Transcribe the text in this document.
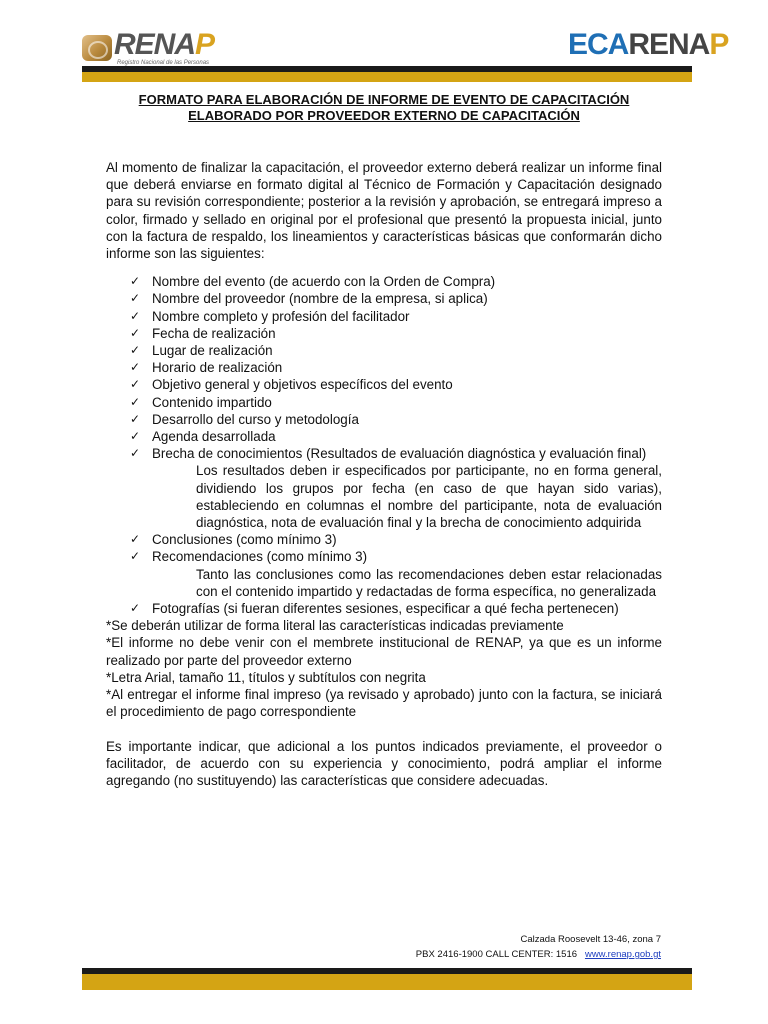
RENAP
Registro Nacional de las Personas
ECARENAP
FORMATO PARA ELABORACIÓN DE INFORME DE EVENTO DE CAPACITACIÓN
ELABORADO POR PROVEEDOR EXTERNO DE CAPACITACIÓN

Al momento de finalizar la capacitación, el proveedor externo deberá realizar un informe final que deberá enviarse en formato digital al Técnico de Formación y Capacitación designado para su revisión correspondiente; posterior a la revisión y aprobación, se entregará impreso a color, firmado y sellado en original por el profesional que presentó la propuesta inicial, junto con la factura de respaldo, los lineamientos y características básicas que conformarán dicho informe son las siguientes:

✓ Nombre del evento (de acuerdo con la Orden de Compra)
✓ Nombre del proveedor (nombre de la empresa, si aplica)
✓ Nombre completo y profesión del facilitador
✓ Fecha de realización
✓ Lugar de realización
✓ Horario de realización
✓ Objetivo general y objetivos específicos del evento
✓ Contenido impartido
✓ Desarrollo del curso y metodología
✓ Agenda desarrollada
✓ Brecha de conocimientos (Resultados de evaluación diagnóstica y evaluación final)
Los resultados deben ir especificados por participante, no en forma general, dividiendo los grupos por fecha (en caso de que hayan sido varias), estableciendo en columnas el nombre del participante, nota de evaluación diagnóstica, nota de evaluación final y la brecha de conocimiento adquirida
✓ Conclusiones (como mínimo 3)
✓ Recomendaciones (como mínimo 3)
Tanto las conclusiones como las recomendaciones deben estar relacionadas con el contenido impartido y redactadas de forma específica, no generalizada
✓ Fotografías (si fueran diferentes sesiones, especificar a qué fecha pertenecen)

*Se deberán utilizar de forma literal las características indicadas previamente

*El informe no debe venir con el membrete institucional de RENAP, ya que es un informe realizado por parte del proveedor externo

*Letra Arial, tamaño 11, títulos y subtítulos con negrita

*Al entregar el informe final impreso (ya revisado y aprobado) junto con la factura, se iniciará el procedimiento de pago correspondiente

Es importante indicar, que adicional a los puntos indicados previamente, el proveedor o facilitador, de acuerdo con su experiencia y conocimiento, podrá ampliar el informe agregando (no sustituyendo) las características que considere adecuadas.

Calzada Roosevelt 13-46, zona 7
PBX 2416-1900 CALL CENTER: 1516 www.renap.gob.gt
